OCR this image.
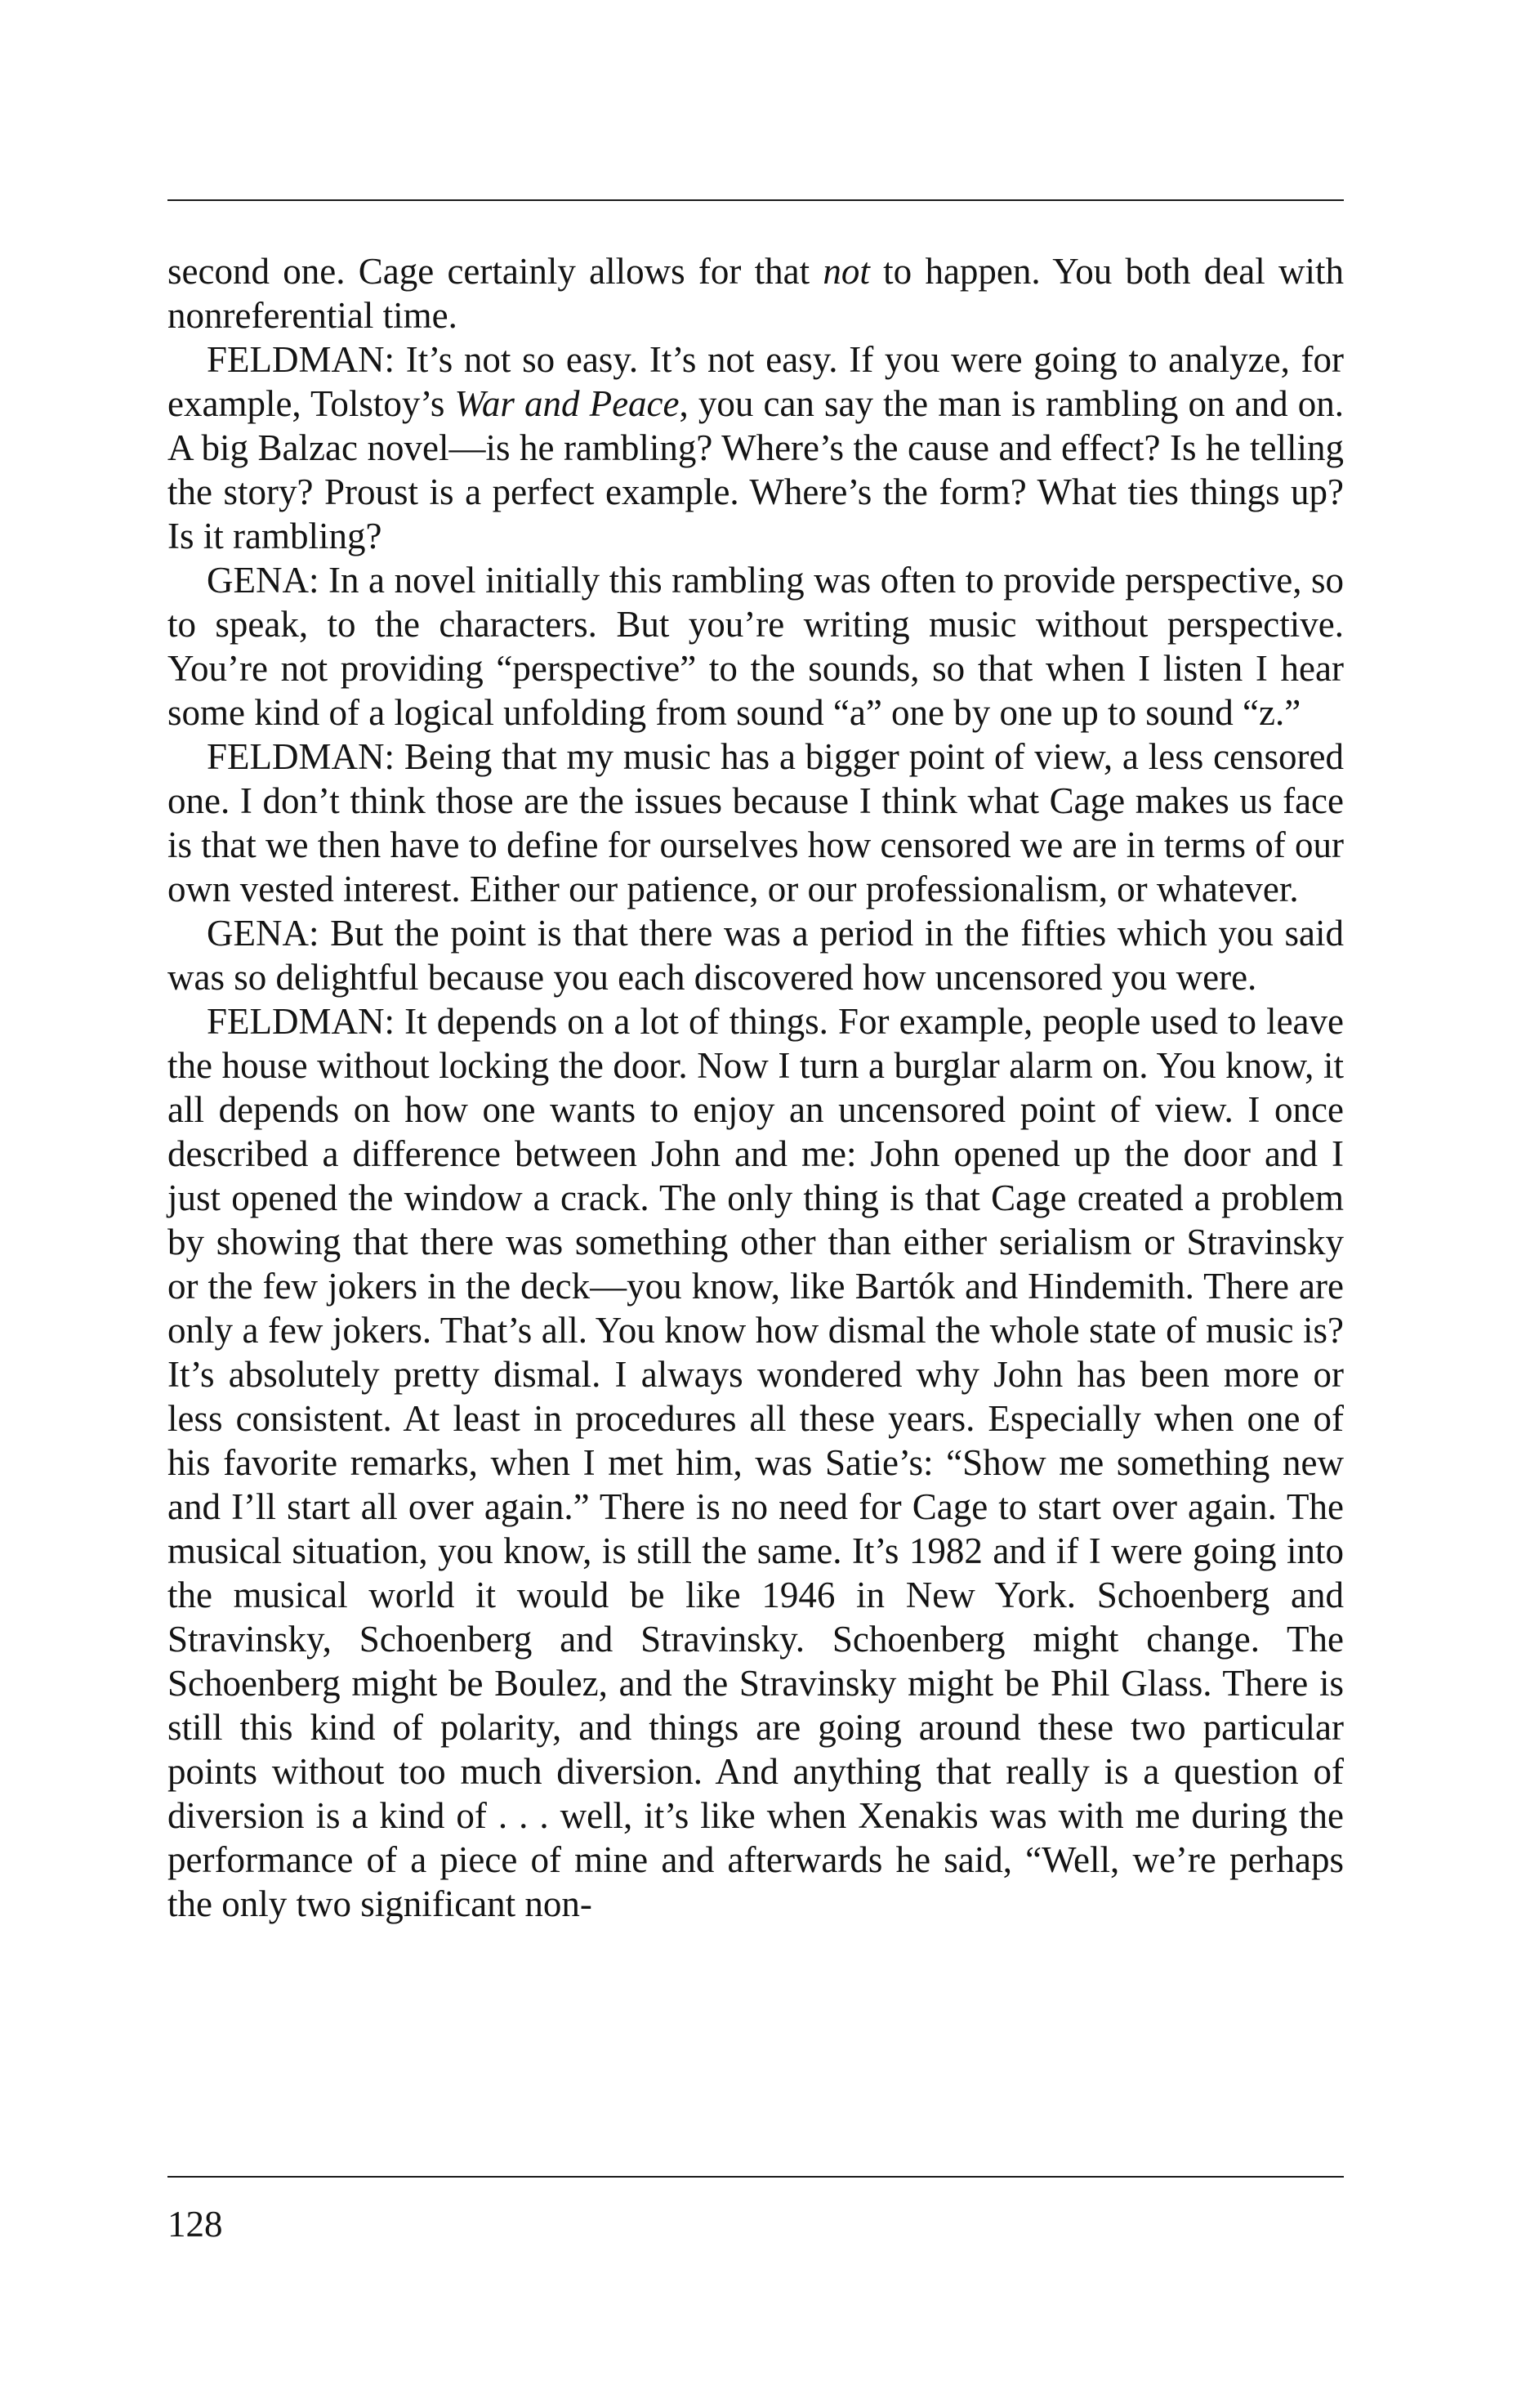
second one. Cage certainly allows for that not to happen. You both deal with nonreferential time.

FELDMAN: It’s not so easy. It’s not easy. If you were going to analyze, for example, Tolstoy’s War and Peace, you can say the man is rambling on and on. A big Balzac novel—is he rambling? Where’s the cause and effect? Is he telling the story? Proust is a perfect example. Where’s the form? What ties things up? Is it rambling?

GENA: In a novel initially this rambling was often to provide perspective, so to speak, to the characters. But you’re writing music without perspective. You’re not providing “perspective” to the sounds, so that when I listen I hear some kind of a logical unfolding from sound “a” one by one up to sound “z.”

FELDMAN: Being that my music has a bigger point of view, a less censored one. I don’t think those are the issues because I think what Cage makes us face is that we then have to define for ourselves how censored we are in terms of our own vested interest. Either our patience, or our professionalism, or whatever.

GENA: But the point is that there was a period in the fifties which you said was so delightful because you each discovered how uncensored you were.

FELDMAN: It depends on a lot of things. For example, people used to leave the house without locking the door. Now I turn a burglar alarm on. You know, it all depends on how one wants to enjoy an uncensored point of view. I once described a difference between John and me: John opened up the door and I just opened the window a crack. The only thing is that Cage created a problem by showing that there was something other than either serialism or Stravinsky or the few jokers in the deck—you know, like Bartók and Hindemith. There are only a few jokers. That’s all. You know how dismal the whole state of music is? It’s absolutely pretty dismal. I always wondered why John has been more or less consistent. At least in procedures all these years. Especially when one of his favorite remarks, when I met him, was Satie’s: “Show me something new and I’ll start all over again.” There is no need for Cage to start over again. The musical situation, you know, is still the same. It’s 1982 and if I were going into the musical world it would be like 1946 in New York. Schoenberg and Stravinsky, Schoenberg and Stravinsky. Schoenberg might change. The Schoenberg might be Boulez, and the Stravinsky might be Phil Glass. There is still this kind of polarity, and things are going around these two particular points without too much diversion. And anything that really is a question of diversion is a kind of . . . well, it’s like when Xenakis was with me during the performance of a piece of mine and afterwards he said, “Well, we’re perhaps the only two significant non-

128
